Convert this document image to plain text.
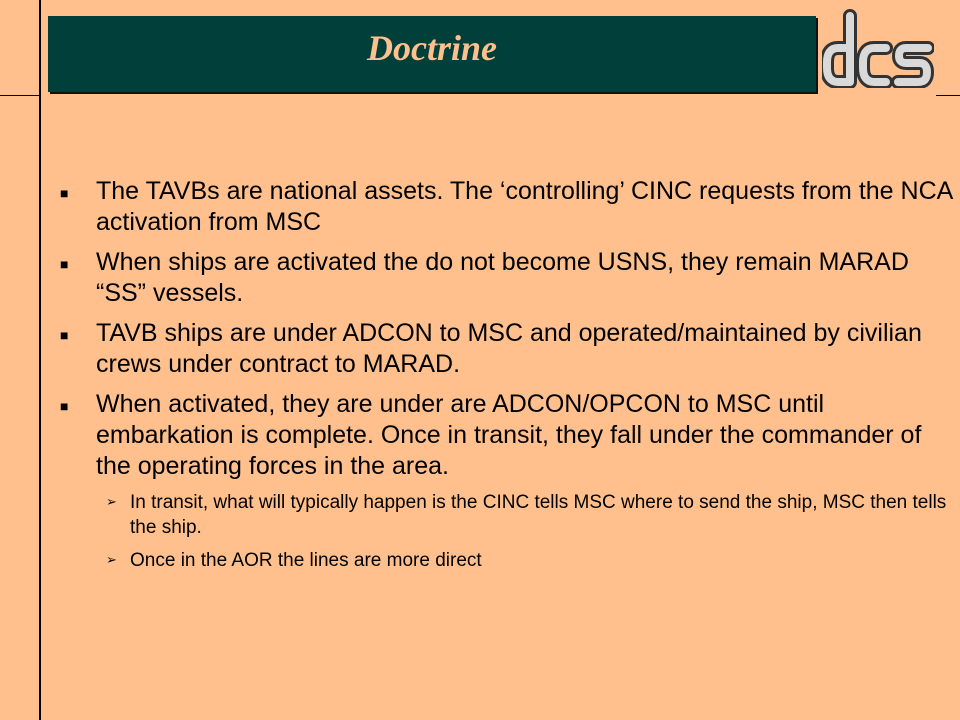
Doctrine
■	The TAVBs are national assets. The ‘controlling’ CINC requests from the NCA activation from MSC
■	When ships are activated the do not become USNS, they remain MARAD “SS” vessels.
■	TAVB ships are under ADCON to MSC and operated/maintained by civilian crews under contract to MARAD.
■	When activated, they are under are ADCON/OPCON to MSC until embarkation is complete. Once in transit, they fall under the commander of the operating forces in the area.
➢ In transit, what will typically happen is the CINC tells MSC where to send the ship, MSC then tells the ship.
➢ Once in the AOR the lines are more direct
